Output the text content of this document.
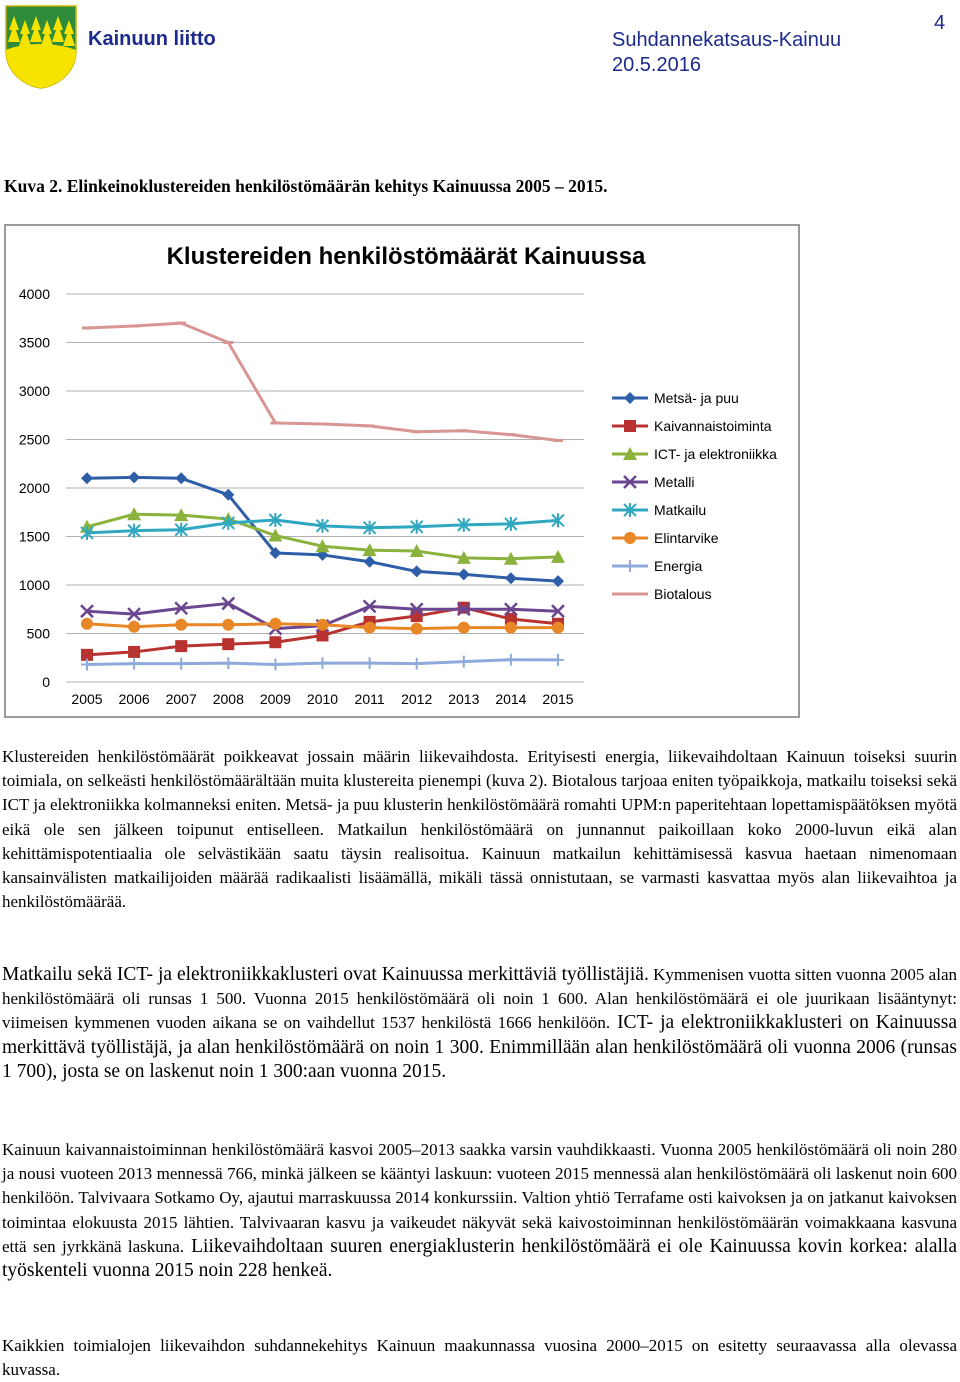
Kainuun liitto	Suhdannekatsaus-Kainuu
20.5.2016
4
Kuva 2. Elinkeinoklustereiden henkilöstömäärän kehitys Kainuussa 2005 – 2015.
Klustereiden henkilöstömäärät Kainuussa
0
500
1000
1500
2000
2500
3000
3500
4000
2005 2006 2007 2008 2009 2010 2011 2012 2013 2014 2015
Metsä- ja puu
Kaivannaistoiminta
ICT- ja elektroniikka
Metalli
Matkailu
Elintarvike
Energia
Biotalous
Klustereiden henkilöstömäärät poikkeavat jossain määrin liikevaihdosta. Erityisesti energia, liikevaihdoltaan Kainuun toiseksi suurin toimiala, on selkeästi henkilöstömäärältään muita klustereita pienempi (kuva 2). Biotalous tarjoaa eniten työpaikkoja, matkailu toiseksi sekä ICT ja elektroniikka kolmanneksi eniten. Metsä- ja puu klusterin henkilöstömäärä romahti UPM:n paperitehtaan lopettamispäätöksen myötä eikä ole sen jälkeen toipunut entiselleen. Matkailun henkilöstömäärä on junnannut paikoillaan koko 2000-luvun eikä alan kehittämispotentiaalia ole selvästikään saatu täysin realisoitua. Kainuun matkailun kehittämisessä kasvua haetaan nimenomaan kansainvälisten matkailijoiden määrää radikaalisti lisäämällä, mikäli tässä onnistutaan, se varmasti kasvattaa myös alan liikevaihtoa ja henkilöstömäärää.
Matkailu sekä ICT- ja elektroniikkaklusteri ovat Kainuussa merkittäviä työllistäjiä. Kymmenisen vuotta sitten vuonna 2005 alan henkilöstömäärä oli runsas 1 500. Vuonna 2015 henkilöstömäärä oli noin 1 600. Alan henkilöstömäärä ei ole juurikaan lisääntynyt: viimeisen kymmenen vuoden aikana se on vaihdellut 1537 henkilöstä 1666 henkilöön. ICT- ja elektroniikkaklusteri on Kainuussa merkittävä työllistäjä, ja alan henkilöstömäärä on noin 1 300. Enimmillään alan henkilöstömäärä oli vuonna 2006 (runsas 1 700), josta se on laskenut noin 1 300:aan vuonna 2015.
Kainuun kaivannaistoiminnan henkilöstömäärä kasvoi 2005–2013 saakka varsin vauhdikkaasti. Vuonna 2005 henkilöstömäärä oli noin 280 ja nousi vuoteen 2013 mennessä 766, minkä jälkeen se kääntyi laskuun: vuoteen 2015 mennessä alan henkilöstömäärä oli laskenut noin 600 henkilöön. Talvivaara Sotkamo Oy, ajautui marraskuussa 2014 konkurssiin. Valtion yhtiö Terrafame osti kaivoksen ja on jatkanut kaivoksen toimintaa elokuusta 2015 lähtien. Talvivaaran kasvu ja vaikeudet näkyvät sekä kaivostoiminnan henkilöstömäärän voimakkaana kasvuna että sen jyrkkänä laskuna. Liikevaihdoltaan suuren energiaklusterin henkilöstömäärä ei ole Kainuussa kovin korkea: alalla työskenteli vuonna 2015 noin 228 henkeä.
Kaikkien toimialojen liikevaihdon suhdannekehitys Kainuun maakunnassa vuosina 2000–2015 on esitetty seuraavassa alla olevassa kuvassa.
